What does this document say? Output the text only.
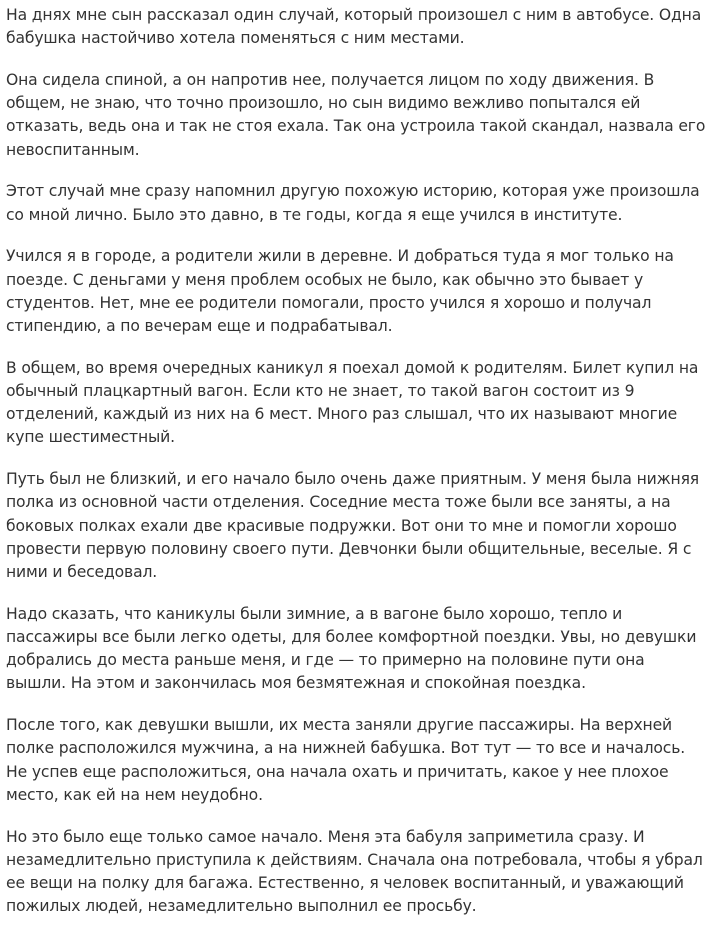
На днях мне сын рассказал один случай, который произошел с ним в автобусе. Одна бабушка настойчиво хотела поменяться с ним местами.

Она сидела спиной, а он напротив нее, получается лицом по ходу движения. В общем, не знаю, что точно произошло, но сын видимо вежливо попытался ей отказать, ведь она и так не стоя ехала. Так она устроила такой скандал, назвала его невоспитанным.

Этот случай мне сразу напомнил другую похожую историю, которая уже произошла со мной лично. Было это давно, в те годы, когда я еще учился в институте.

Учился я в городе, а родители жили в деревне. И добраться туда я мог только на поезде. С деньгами у меня проблем особых не было, как обычно это бывает у студентов. Нет, мне ее родители помогали, просто учился я хорошо и получал стипендию, а по вечерам еще и подрабатывал.

В общем, во время очередных каникул я поехал домой к родителям. Билет купил на обычный плацкартный вагон. Если кто не знает, то такой вагон состоит из 9 отделений, каждый из них на 6 мест. Много раз слышал, что их называют многие купе шестиместный.

Путь был не близкий, и его начало было очень даже приятным. У меня была нижняя полка из основной части отделения. Соседние места тоже были все заняты, а на боковых полках ехали две красивые подружки. Вот они то мне и помогли хорошо провести первую половину своего пути. Девчонки были общительные, веселые. Я с ними и беседовал.

Надо сказать, что каникулы были зимние, а в вагоне было хорошо, тепло и пассажиры все были легко одеты, для более комфортной поездки. Увы, но девушки добрались до места раньше меня, и где — то примерно на половине пути она вышли. На этом и закончилась моя безмятежная и спокойная поездка.

После того, как девушки вышли, их места заняли другие пассажиры. На верхней полке расположился мужчина, а на нижней бабушка. Вот тут — то все и началось. Не успев еще расположиться, она начала охать и причитать, какое у нее плохое место, как ей на нем неудобно.

Но это было еще только самое начало. Меня эта бабуля заприметила сразу. И незамедлительно приступила к действиям. Сначала она потребовала, чтобы я убрал ее вещи на полку для багажа. Естественно, я человек воспитанный, и уважающий пожилых людей, незамедлительно выполнил ее просьбу.
